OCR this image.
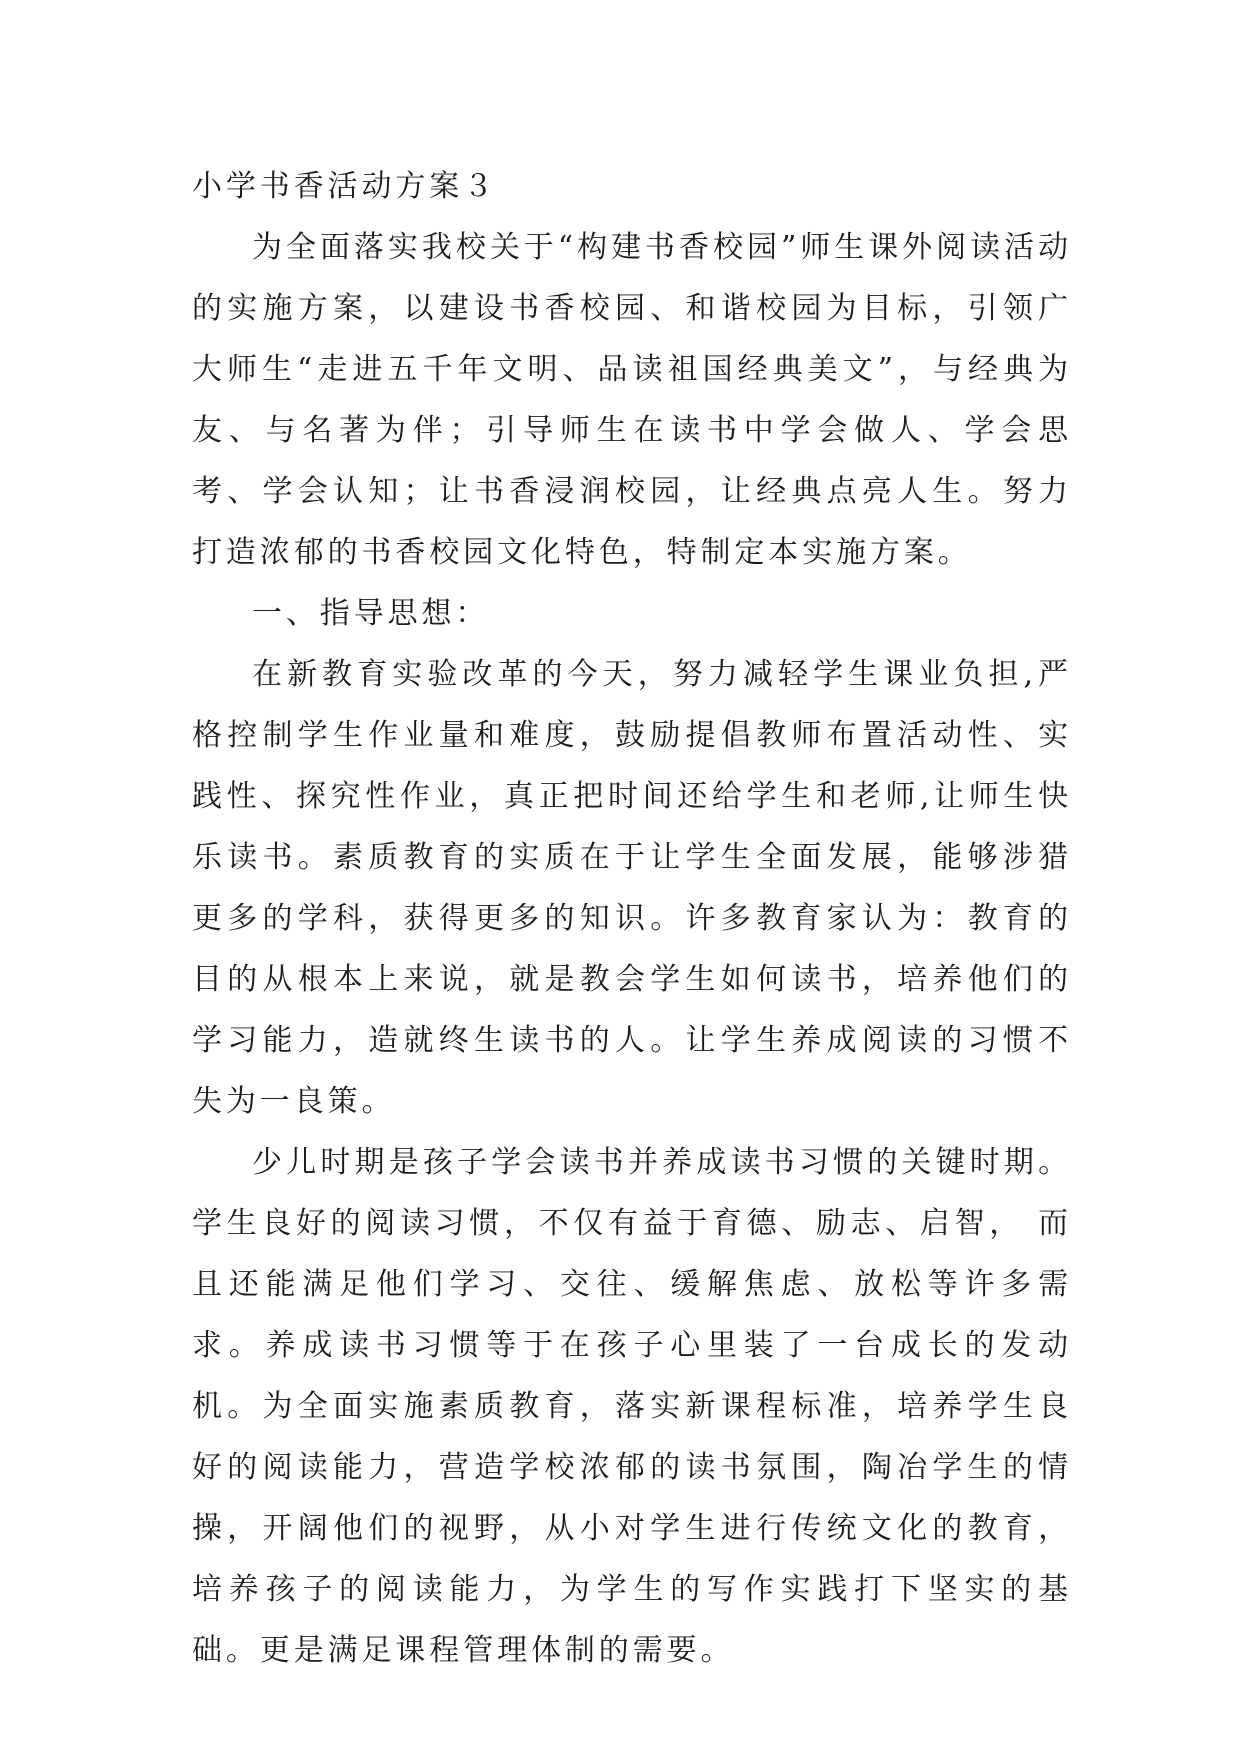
小学书香活动方案３

为全面落实我校关于“构建书香校园”师生课外阅读活动的实施方案，以建设书香校园、和谐校园为目标，引领广大师生“走进五千年文明、品读祖国经典美文”，与经典为友、与名著为伴；引导师生在读书中学会做人、学会思考、学会认知；让书香浸润校园，让经典点亮人生。努力打造浓郁的书香校园文化特色，特制定本实施方案。

一、指导思想：

在新教育实验改革的今天，努力减轻学生课业负担,严格控制学生作业量和难度，鼓励提倡教师布置活动性、实践性、探究性作业，真正把时间还给学生和老师,让师生快乐读书。素质教育的实质在于让学生全面发展，能够涉猎更多的学科，获得更多的知识。许多教育家认为：教育的目的从根本上来说，就是教会学生如何读书，培养他们的学习能力，造就终生读书的人。让学生养成阅读的习惯不失为一良策。

少儿时期是孩子学会读书并养成读书习惯的关键时期。学生良好的阅读习惯，不仅有益于育德、励志、启智， 而且还能满足他们学习、交往、缓解焦虑、放松等许多需求。养成读书习惯等于在孩子心里装了一台成长的发动机。为全面实施素质教育，落实新课程标准，培养学生良好的阅读能力，营造学校浓郁的读书氛围，陶冶学生的情操，开阔他们的视野，从小对学生进行传统文化的教育，培养孩子的阅读能力，为学生的写作实践打下坚实的基础。更是满足课程管理体制的需要。
